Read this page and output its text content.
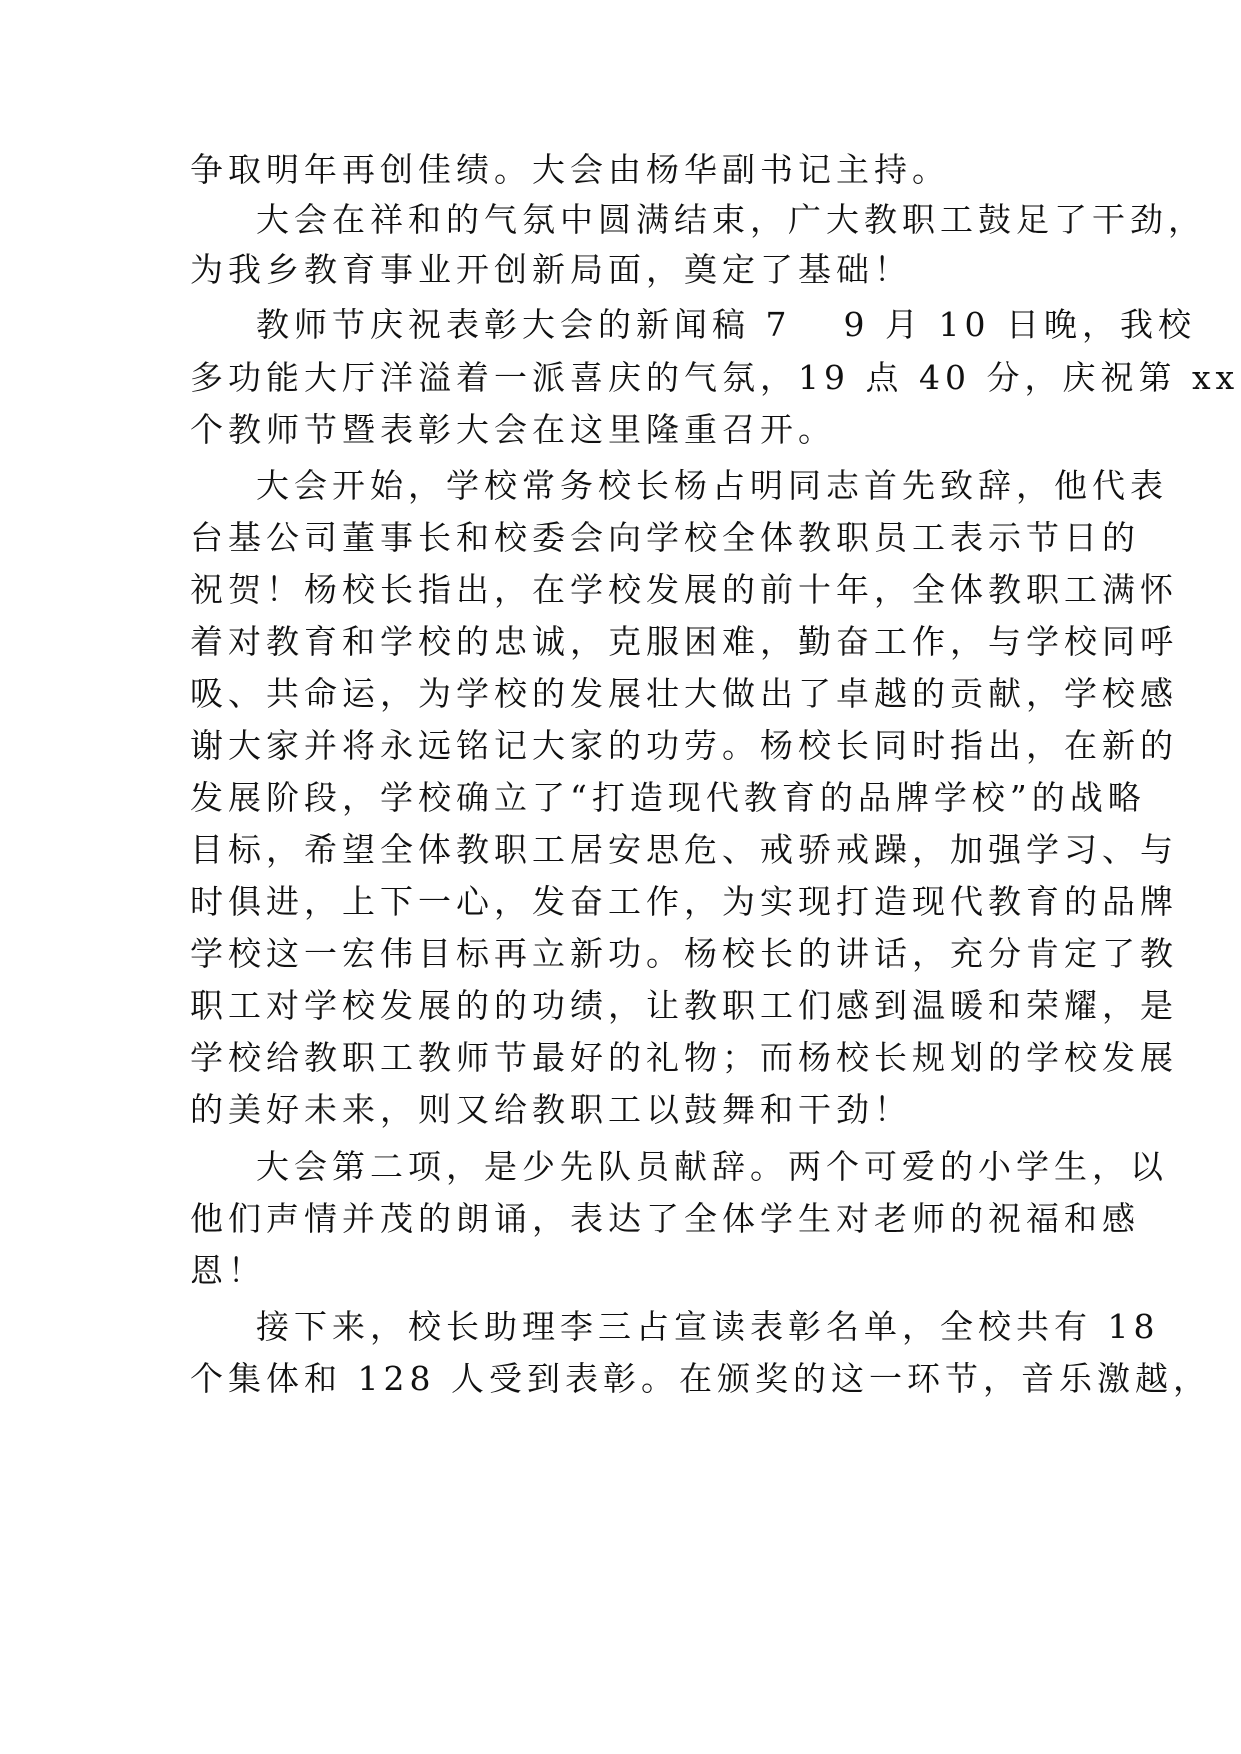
争取明年再创佳绩。大会由杨华副书记主持。
大会在祥和的气氛中圆满结束，广大教职工鼓足了干劲，
为我乡教育事业开创新局面，奠定了基础！
教师节庆祝表彰大会的新闻稿 7 9 月 10 日晚，我校
多功能大厅洋溢着一派喜庆的气氛，19 点 40 分，庆祝第 xx
个教师节暨表彰大会在这里隆重召开。
大会开始，学校常务校长杨占明同志首先致辞，他代表
台基公司董事长和校委会向学校全体教职员工表示节日的
祝贺！杨校长指出，在学校发展的前十年，全体教职工满怀
着对教育和学校的忠诚，克服困难，勤奋工作，与学校同呼
吸、共命运，为学校的发展壮大做出了卓越的贡献，学校感
谢大家并将永远铭记大家的功劳。杨校长同时指出，在新的
发展阶段，学校确立了“打造现代教育的品牌学校”的战略
目标，希望全体教职工居安思危、戒骄戒躁，加强学习、与
时俱进，上下一心，发奋工作，为实现打造现代教育的品牌
学校这一宏伟目标再立新功。杨校长的讲话，充分肯定了教
职工对学校发展的的功绩，让教职工们感到温暖和荣耀，是
学校给教职工教师节最好的礼物；而杨校长规划的学校发展
的美好未来，则又给教职工以鼓舞和干劲！
大会第二项，是少先队员献辞。两个可爱的小学生，以
他们声情并茂的朗诵，表达了全体学生对老师的祝福和感
恩！
接下来，校长助理李三占宣读表彰名单，全校共有 18
个集体和 128 人受到表彰。在颁奖的这一环节，音乐激越，
